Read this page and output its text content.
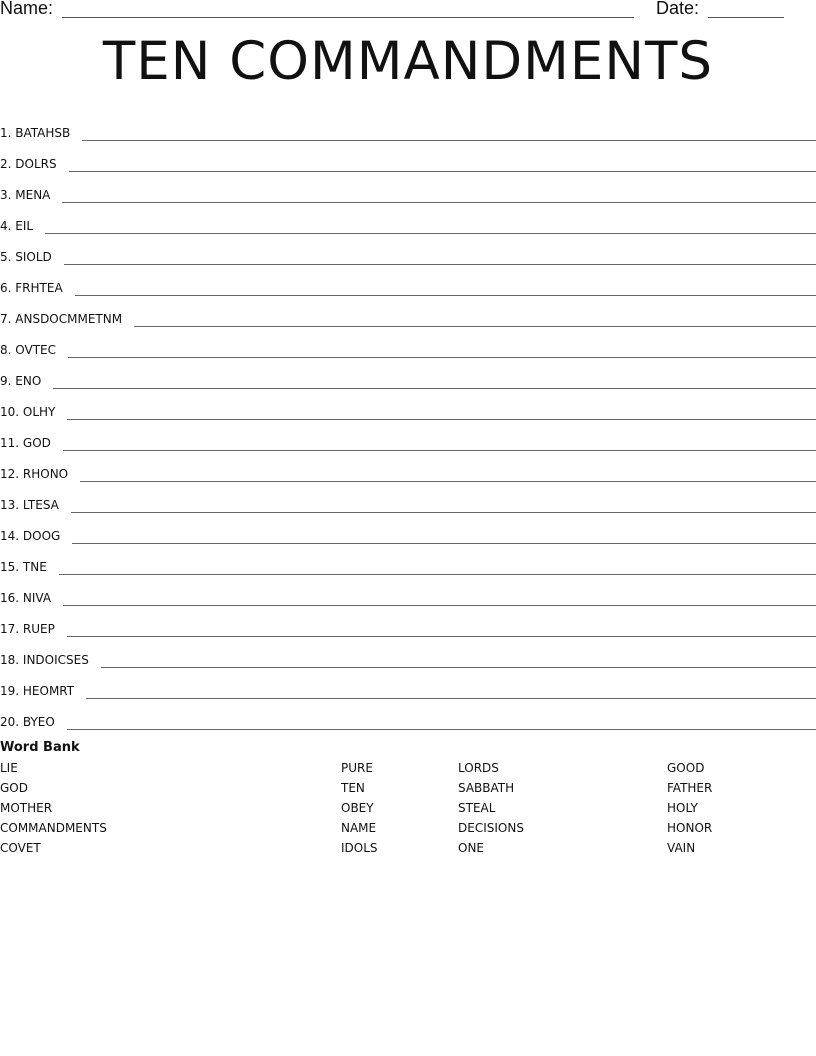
Name:	Date:
TEN COMMANDMENTS
1. BATAHSB
2. DOLRS
3. MENA
4. EIL
5. SIOLD
6. FRHTEA
7. ANSDOCMMETNM
8. OVTEC
9. ENO
10. OLHY
11. GOD
12. RHONO
13. LTESA
14. DOOG
15. TNE
16. NIVA
17. RUEP
18. INDOICSES
19. HEOMRT
20. BYEO
Word Bank
LIE
GOD
MOTHER
COMMANDMENTS
COVET
PURE
TEN
OBEY
NAME
IDOLS
LORDS
SABBATH
STEAL
DECISIONS
ONE
GOOD
FATHER
HOLY
HONOR
VAIN
